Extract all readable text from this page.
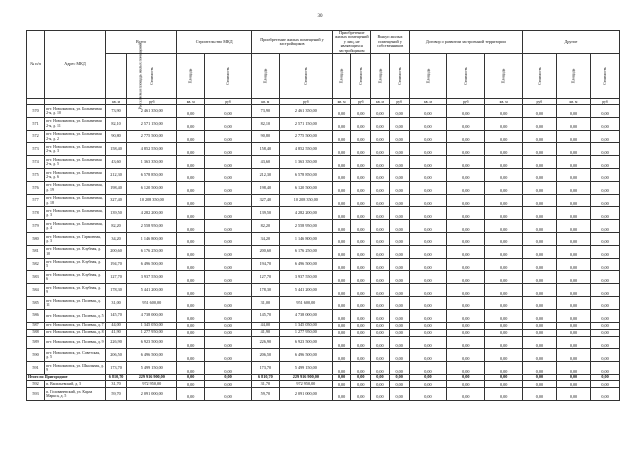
30
№ п/п	Адрес МКД	Всего		Строительство МКД		Приобретение жилых помещений у застройщиков		Приобретение жилых помещений у лиц, не являющихся застройщиком		Выкуп жилых помещений у собственников		Договор о развитии застроенной территории			Другие		
		Расселяемая площадь жилых помещений	Стоимость	Площадь	Стоимость	Площадь	Стоимость	Площадь	Стоимость	Площадь	Стоимость	Площадь	Стоимость	Площадь	Стоимость	Площадь	Стоимость
		кв. м	руб	кв. м	руб	кв. м	руб	кв. м	руб	кв. м	руб	кв. м	руб	кв. м	руб	кв. м	руб
570	пгт. Новольвовск, ул. Больничная 2-я, д. 10	73,90	2 461 350,00	0,00	0,00	73,90	2 461 350,00	0,00	0,00	0,00	0,00	0,00	0,00	0,00	0,00	0,00	0,00
571	пгт. Новольвовск, ул. Больничная 2-я, д. 11	82,10	2 571 150,00	0,00	0,00	82,10	2 571 150,00	0,00	0,00	0,00	0,00	0,00	0,00	0,00	0,00	0,00	0,00
572	пгт. Новольвовск, ул. Больничная 2-я, д. 2	90,80	2 775 500,00	0,00	0,00	90,80	2 775 500,00	0,00	0,00	0,00	0,00	0,00	0,00	0,00	0,00	0,00	0,00
573	пгт. Новольвовск, ул. Больничная 2-я, д. 3	158,40	4 852 550,00	0,00	0,00	158,40	4 852 550,00	0,00	0,00	0,00	0,00	0,00	0,00	0,00	0,00	0,00	0,00
574	пгт. Новольвовск, ул. Больничная 2-я, д. 5	43,60	1 363 350,00	0,00	0,00	43,60	1 363 350,00	0,00	0,00	0,00	0,00	0,00	0,00	0,00	0,00	0,00	0,00
575	пгт. Новольвовск, ул. Больничная 2-я, д. 6	212,30	6 578 850,00	0,00	0,00	212,30	6 578 850,00	0,00	0,00	0,00	0,00	0,00	0,00	0,00	0,00	0,00	0,00
576	пгт. Новольвовск, ул. Больничная, д. 19	198,40	6 120 500,00	0,00	0,00	198,40	6 120 500,00	0,00	0,00	0,00	0,00	0,00	0,00	0,00	0,00	0,00	0,00
577	пгт. Новольвовск, ул. Больничная, д. 18	327,40	10 208 350,00	0,00	0,00	327,40	10 208 350,00	0,00	0,00	0,00	0,00	0,00	0,00	0,00	0,00	0,00	0,00
578	пгт. Новольвовск, ул. Больничная, д. 3	139,50	4 282 200,00	0,00	0,00	139,50	4 282 200,00	0,00	0,00	0,00	0,00	0,00	0,00	0,00	0,00	0,00	0,00
579	пгт. Новольвовск, ул. Больничная, д. 4	82,20	2 558 950,00	0,00	0,00	82,20	2 558 950,00	0,00	0,00	0,00	0,00	0,00	0,00	0,00	0,00	0,00	0,00
580	пгт. Новольвовск, ул. Гармонная, д. 3	34,20	1 146 800,00	0,00	0,00	34,20	1 146 800,00	0,00	0,00	0,00	0,00	0,00	0,00	0,00	0,00	0,00	0,00
581	пгт. Новольвовск, ул. Клубная, д. 10	200,60	6 176 250,00	0,00	0,00	200,60	6 176 250,00	0,00	0,00	0,00	0,00	0,00	0,00	0,00	0,00	0,00	0,00
582	пгт. Новольвовск, ул. Клубная, д. 5	194,70	6 496 500,00	0,00	0,00	194,70	6 496 500,00	0,00	0,00	0,00	0,00	0,00	0,00	0,00	0,00	0,00	0,00
583	пгт. Новольвовск, ул. Клубная, д. 6	127,70	3 937 550,00	0,00	0,00	127,70	3 937 550,00	0,00	0,00	0,00	0,00	0,00	0,00	0,00	0,00	0,00	0,00
584	пгт. Новольвовск, ул. Клубная, д. 9	178,30	5 441 200,00	0,00	0,00	178,30	5 441 200,00	0,00	0,00	0,00	0,00	0,00	0,00	0,00	0,00	0,00	0,00
585	пгт. Новольвовск, ул. Полевая, д. 11	31,00	951 600,00	0,00	0,00	31,00	951 600,00	0,00	0,00	0,00	0,00	0,00	0,00	0,00	0,00	0,00	0,00
586	пгт. Новольвовск, ул. Полевая, д. 5	145,70	4 738 000,00	0,00	0,00	145,70	4 738 000,00	0,00	0,00	0,00	0,00	0,00	0,00	0,00	0,00	0,00	0,00
587	пгт. Новольвовск, ул. Полевая, д. 7	44,00	1 345 050,00	0,00	0,00	44,00	1 345 050,00	0,00	0,00	0,00	0,00	0,00	0,00	0,00	0,00	0,00	0,00
588	пгт. Новольвовск, ул. Полевая, д. 8	41,90	1 277 950,00	0,00	0,00	41,90	1 277 950,00	0,00	0,00	0,00	0,00	0,00	0,00	0,00	0,00	0,00	0,00
589	пгт. Новольвовск, ул. Полевая, д. 9	226,90	6 923 500,00	0,00	0,00	226,90	6 923 500,00	0,00	0,00	0,00	0,00	0,00	0,00	0,00	0,00	0,00	0,00
590	пгт. Новольвовск, ул. Советская, д. 5	206,50	6 496 500,00	0,00	0,00	206,50	6 496 500,00	0,00	0,00	0,00	0,00	0,00	0,00	0,00	0,00	0,00	0,00
591	пгт. Новольвовск, ул. Школьная, д. 9	173,70	5 499 150,00	0,00	0,00	173,70	5 499 150,00	0,00	0,00	0,00	0,00	0,00	0,00	0,00	0,00	0,00	0,00
Итого по Пригородное		6 810,70	229 916 900,00	0,00	0,00	6 810,70	229 916 900,00	0,00	0,00	0,00	0,00	0,00	0,00	0,00	0,00	0,00	0,00
592	п. Васильевский, д. 5	31,70	972 950,00	0,00	0,00	31,70	972 950,00	0,00	0,00	0,00	0,00	0,00	0,00	0,00	0,00	0,00	0,00
593	п. Голованевский, ул. Карла Маркса, д. 5	59,70	2 091 000,00	0,00	0,00	59,70	2 091 000,00	0,00	0,00	0,00	0,00	0,00	0,00	0,00	0,00	0,00	0,00
